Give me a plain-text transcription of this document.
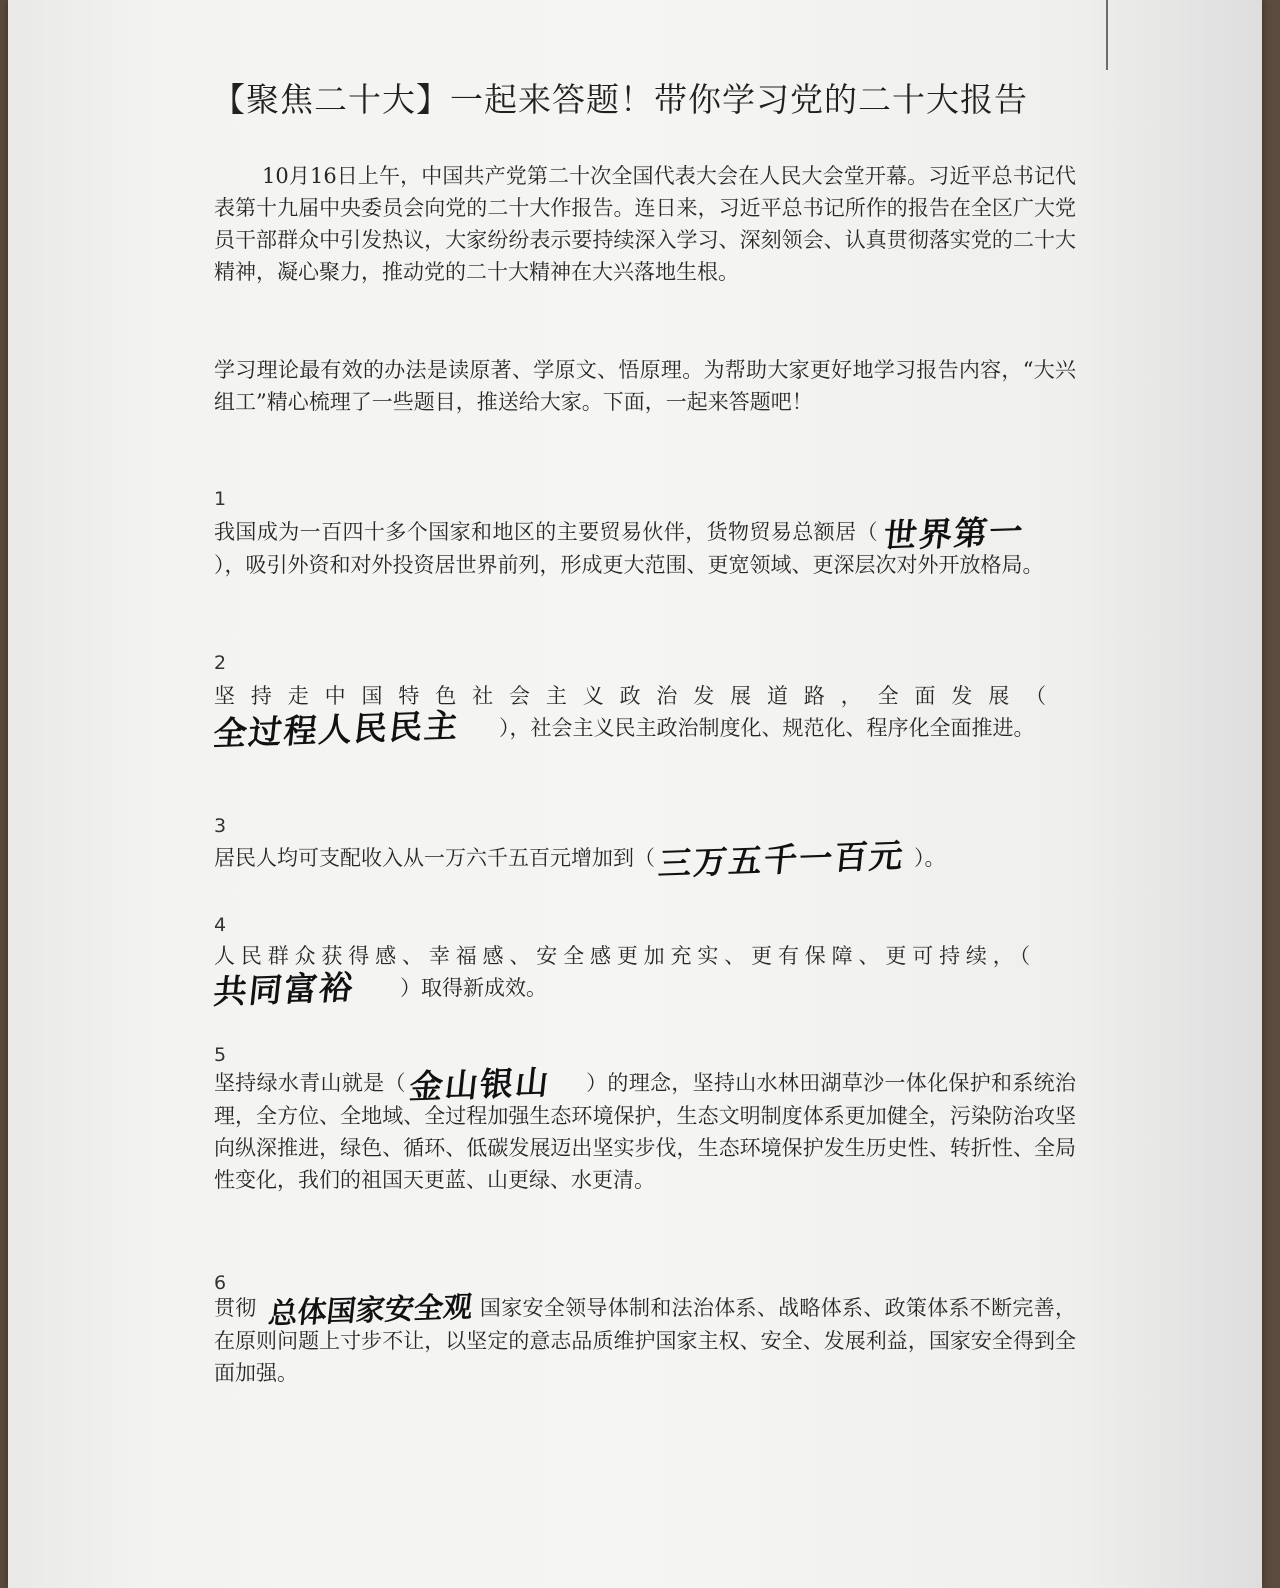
【聚焦二十大】一起来答题！带你学习党的二十大报告

10月16日上午，中国共产党第二十次全国代表大会在人民大会堂开幕。习近平总书记代表第十九届中央委员会向党的二十大作报告。连日来，习近平总书记所作的报告在全区广大党员干部群众中引发热议，大家纷纷表示要持续深入学习、深刻领会、认真贯彻落实党的二十大精神，凝心聚力，推动党的二十大精神在大兴落地生根。

学习理论最有效的办法是读原著、学原文、悟原理。为帮助大家更好地学习报告内容，“大兴组工”精心梳理了一些题目，推送给大家。下面，一起来答题吧！

1

我国成为一百四十多个国家和地区的主要贸易伙伴，货物贸易总额居（ 世界第一），吸引外资和对外投资居世界前列，形成更大范围、更宽领域、更深层次对外开放格局。

2

坚持走中国特色社会主义政治发展道路，全面发展（全过程人民民主 ），社会主义民主政治制度化、规范化、程序化全面推进。

3

居民人均可支配收入从一万六千五百元增加到（三万五千一百元 ）。

4

人民群众获得感、幸福感、安全感更加充实、更有保障、更可持续，（共同富裕 ）取得新成效。

5

坚持绿水青山就是（金山银山 ）的理念，坚持山水林田湖草沙一体化保护和系统治理，全方位、全地域、全过程加强生态环境保护，生态文明制度体系更加健全，污染防治攻坚向纵深推进，绿色、循环、低碳发展迈出坚实步伐，生态环境保护发生历史性、转折性、全局性变化，我们的祖国天更蓝、山更绿、水更清。

6

贯彻 总体国家安全观 国家安全领导体制和法治体系、战略体系、政策体系不断完善，在原则问题上寸步不让，以坚定的意志品质维护国家主权、安全、发展利益，国家安全得到全面加强。
